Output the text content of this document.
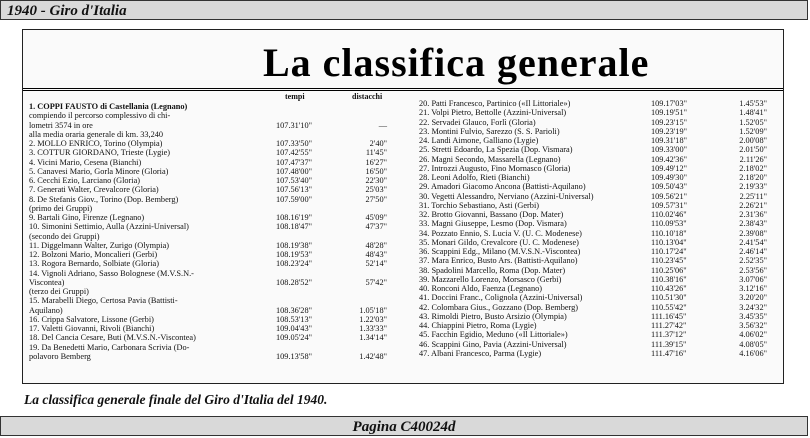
1940 - Giro d'Italia
La classifica generale
tempi	distacchi
1. COPPI FAUSTO di Castellania (Legnano)
compiendo il percorso complessivo di chi-
lometri 3574 in ore	107.31'10"	—
alla media oraria generale di km. 33,240
2. MOLLO ENRICO, Torino (Olympia)	107.33'50"	2'40"
3. COTTUR GIORDANO, Trieste (Lygie)	107.42'55"	11'45"
4. Vicini Mario, Cesena (Bianchi)	107.47'37"	16'27"
5. Canavesi Mario, Gorla Minore (Gloria)	107.48'00"	16'50"
6. Cecchi Ezio, Larciano (Gloria)	107.53'40"	22'30"
7. Generati Walter, Crevalcore (Gloria)	107.56'13"	25'03"
8. De Stefanis Giov., Torino (Dop. Bemberg)	107.59'00"	27'50"
(primo dei Gruppi)
9. Bartali Gino, Firenze (Legnano)	108.16'19"	45'09"
10. Simonini Settimio, Aulla (Azzini-Universal)	108.18'47"	47'37"
(secondo dei Gruppi)
11. Diggelmann Walter, Zurigo (Olympia)	108.19'38"	48'28"
12. Bolzoni Mario, Moncalieri (Gerbi)	108.19'53"	48'43"
13. Rogora Bernardo, Solbiate (Gloria)	108.23'24"	52'14"
14. Vignoli Adriano, Sasso Bolognese (M.V.S.N.-
Viscontea)	108.28'52"	57'42"
(terzo dei Gruppi)
15. Marabelli Diego, Certosa Pavia (Battisti-
Aquilano)	108.36'28"	1.05'18"
16. Crippa Salvatore, Lissone (Gerbi)	108.53'13"	1.22'03"
17. Valetti Giovanni, Rivoli (Bianchi)	109.04'43"	1.33'33"
18. Del Cancia Cesare, Buti (M.V.S.N.-Viscontea)	109.05'24"	1.34'14"
19. Da Benedetti Mario, Carbonara Scrivia (Do-
polavoro Bemberg	109.13'58"	1.42'48"
20. Patti Francesco, Partinico («Il Littoriale»)	109.17'03"	1.45'53"
21. Volpi Pietro, Bettolle (Azzini-Universal)	109.19'51"	1.48'41"
22. Servadei Glauco, Forlì (Gloria)	109.23'15"	1.52'05"
23. Montini Fulvio, Sarezzo (S. S. Parioli)	109.23'19"	1.52'09"
24. Landi Aimone, Galliano (Lygie)	109.31'18"	2.00'08"
25. Stretti Edoardo, La Spezia (Dop. Vismara)	109.33'00"	2.01'50"
26. Magni Secondo, Massarella (Legnano)	109.42'36"	2.11'26"
27. Introzzi Augusto, Fino Mornasco (Gloria)	109.49'12"	2.18'02"
28. Leoni Adolfo, Rieti (Bianchi)	109.49'30"	2.18'20"
29. Amadori Giacomo Ancona (Battisti-Aquilano)	109.50'43"	2.19'33"
30. Vegetti Alessandro, Nerviano (Azzini-Universal)	109.56'21"	2.25'11"
31. Torchio Sebastiano, Asti (Gerbi)	109.57'31"	2.26'21"
32. Brotto Giovanni, Bassano (Dop. Mater)	110.02'46"	2.31'36"
33. Magni Giuseppe, Lesmo (Dop. Vismara)	110.09'53"	2.38'43"
34. Pozzato Ennio, S. Lucia V. (U. C. Modenese)	110.10'18"	2.39'08"
35. Monari Gildo, Crevalcore (U. C. Modenese)	110.13'04"	2.41'54"
36. Scappini Edg., Milano (M.V.S.N.-Viscontea)	110.17'24"	2.46'14"
37. Mara Enrico, Busto Ars. (Battisti-Aquilano)	110.23'45"	2.52'35"
38. Spadolini Marcello, Roma (Dop. Mater)	110.25'06"	2.53'56"
39. Mazzarello Lorenzo, Morsasco (Gerbi)	110.38'16"	3.07'06"
40. Ronconi Aldo, Faenza (Legnano)	110.43'26"	3.12'16"
41. Doccini Franc., Colignola (Azzini-Universal)	110.51'30"	3.20'20"
42. Colombara Gius., Gozzano (Dop. Bemberg)	110.55'42"	3.24'32"
43. Rimoldi Pietro, Busto Arsizio (Olympia)	111.16'45"	3.45'35"
44. Chiappini Pietro, Roma (Lygie)	111.27'42"	3.56'32"
45. Facchin Egidio, Meduno («Il Littoriale»)	111.37'12"	4.06'02"
46. Scappini Gino, Pavia (Azzini-Universal)	111.39'15"	4.08'05"
47. Albani Francesco, Parma (Lygie)	111.47'16"	4.16'06"
La classifica generale finale del Giro d'Italia del 1940.
Pagina C40024d
